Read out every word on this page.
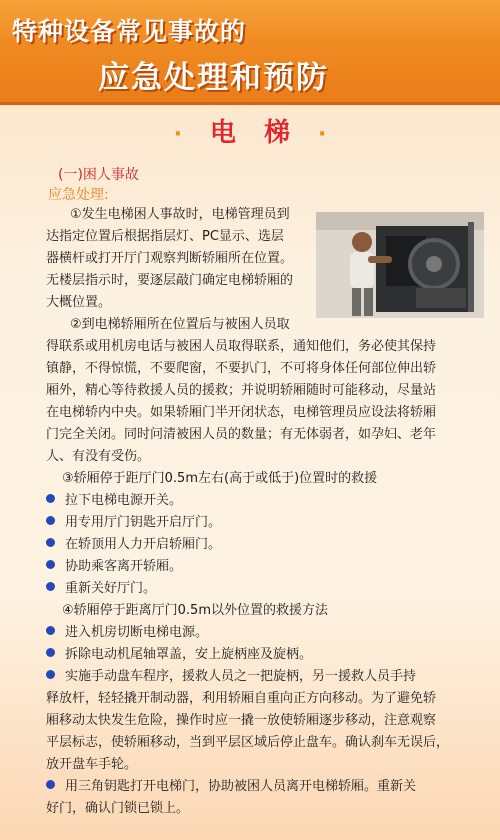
特种设备常见事故的
应急处理和预防
· 电梯·
(一)困人事故
应急处理:
①发生电梯困人事故时，电梯管理员到
达指定位置后根据指层灯、PC显示、选层
器横杆或打开厅门观察判断轿厢所在位置。
无楼层指示时，要逐层敲门确定电梯轿厢的
大概位置。
②到电梯轿厢所在位置后与被困人员取
得联系或用机房电话与被困人员取得联系，通知他们，务必使其保持
镇静，不得惊慌，不要爬窗，不要扒门，不可将身体任何部位伸出轿
厢外，精心等待救援人员的援救；并说明轿厢随时可能移动，尽量站
在电梯轿内中央。如果轿厢门半开闭状态，电梯管理员应设法将轿厢
门完全关闭。同时问清被困人员的数量；有无体弱者，如孕妇、老年
人、有没有受伤。
③轿厢停于距厅门0.5m左右(高于或低于)位置时的救援
拉下电梯电源开关。
用专用厅门钥匙开启厅门。
在轿顶用人力开启轿厢门。
协助乘客离开轿厢。
重新关好厅门。
④轿厢停于距离厅门0.5m以外位置的救援方法
进入机房切断电梯电源。
拆除电动机尾轴罩盖，安上旋柄座及旋柄。
实施手动盘车程序，援救人员之一把旋柄，另一援救人员手持
释放杆，轻轻撬开制动器，利用轿厢自重向正方向移动。为了避免轿
厢移动太快发生危险，操作时应一撬一放使轿厢逐步移动，注意观察
平层标志，使轿厢移动，当到平层区域后停止盘车。确认刹车无误后，
放开盘车手轮。
用三角钥匙打开电梯门，协助被困人员离开电梯轿厢。重新关
好门，确认门锁已锁上。
